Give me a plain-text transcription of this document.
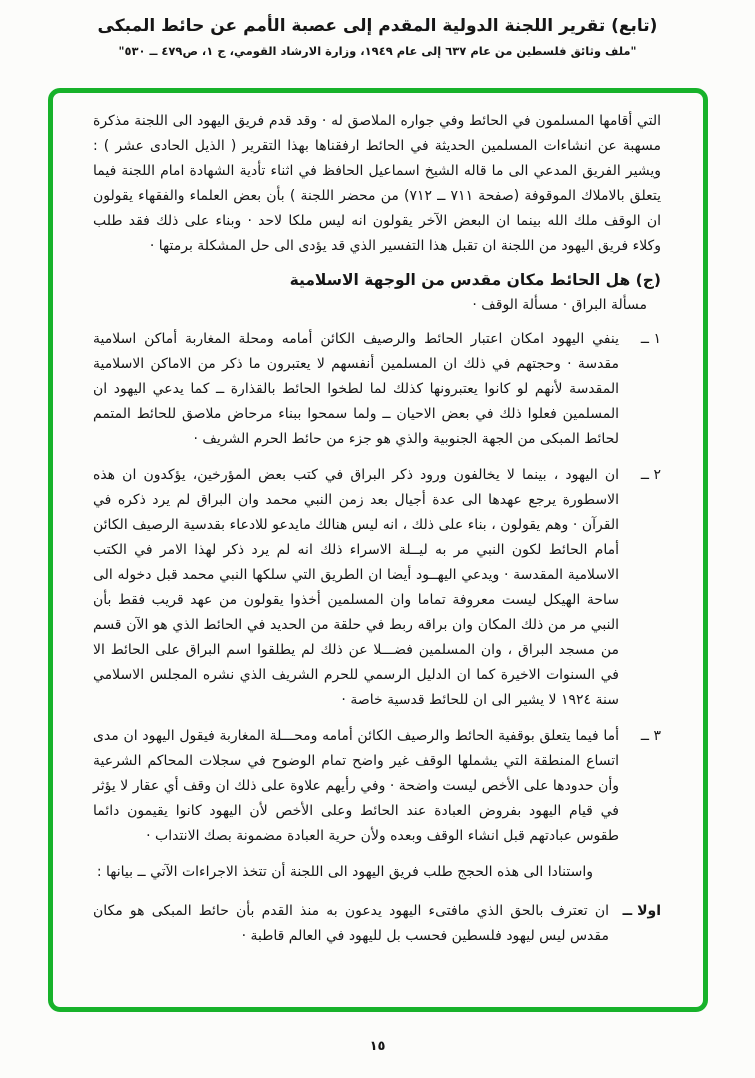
(تابع) تقرير اللجنة الدولية المقدم إلى عصبة الأمم عن حائط المبكى
"ملف وثائق فلسطين من عام ٦٣٧ إلى عام ١٩٤٩، وزارة الارشاد القومي، ج ١، ص٤٧٩ ــ ٥٣٠"

التي أقامها المسلمون في الحائط وفي جواره الملاصق له · وقد قدم فريق اليهود الى اللجنة مذكرة مسهبة عن انشاءات المسلمين الحديثة في الحائط ارفقناها بهذا التقرير ( الذيل الحادى عشر ) : ويشير الفريق المدعي الى ما قاله الشيخ اسماعيل الحافظ في اثناء تأدية الشهادة امام اللجنة فيما يتعلق بالاملاك الموقوفة (صفحة ٧١١ ــ ٧١٢) من محضر اللجنة ) بأن بعض العلماء والفقهاء يقولون ان الوقف ملك الله بينما ان البعض الآخر يقولون انه ليس ملكا لاحد · وبناء على ذلك فقد طلب وكلاء فريق اليهود من اللجنة ان تقبل هذا التفسير الذي قد يؤدى الى حل المشكلة برمتها ·

(ج) هل الحائط مكان مقدس من الوجهة الاسلامية
مسألة البراق · مسألة الوقف ·
١ ــ

ينفي اليهود امكان اعتبار الحائط والرصيف الكائن أمامه ومحلة المغاربة أماكن اسلامية مقدسة · وحجتهم في ذلك ان المسلمين أنفسهم لا يعتبرون ما ذكر من الاماكن الاسلامية المقدسة لأنهم لو كانوا يعتبرونها كذلك لما لطخوا الحائط بالقذارة ــ كما يدعي اليهود ان المسلمين فعلوا ذلك في بعض الاحيان ــ ولما سمحوا ببناء مرحاض ملاصق للحائط المتمم لحائط المبكى من الجهة الجنوبية والذي هو جزء من حائط الحرم الشريف ·

٢ ــ

ان اليهود ، بينما لا يخالفون ورود ذكر البراق في كتب بعض المؤرخين، يؤكدون ان هذه الاسطورة يرجع عهدها الى عدة أجيال بعد زمن النبي محمد وان البراق لم يرد ذكره في القرآن · وهم يقولون ، بناء على ذلك ، انه ليس هنالك مايدعو للادعاء بقدسية الرصيف الكائن أمام الحائط لكون النبي مر به ليــلة الاسراء ذلك انه لم يرد ذكر لهذا الامر في الكتب الاسلامية المقدسة · ويدعي اليهــود أيضا ان الطريق التي سلكها النبي محمد قبل دخوله الى ساحة الهيكل ليست معروفة تماما وان المسلمين أخذوا يقولون من عهد قريب فقط بأن النبي مر من ذلك المكان وان براقه ربط في حلقة من الحديد في الحائط الذي هو الآن قسم من مسجد البراق ، وان المسلمين فضـــلا عن ذلك لم يطلقوا اسم البراق على الحائط الا في السنوات الاخيرة كما ان الدليل الرسمي للحرم الشريف الذي نشره المجلس الاسلامي سنة ١٩٢٤ لا يشير الى ان للحائط قدسية خاصة ·

٣ ــ

أما فيما يتعلق بوقفية الحائط والرصيف الكائن أمامه ومحـــلة المغاربة فيقول اليهود ان مدى اتساع المنطقة التي يشملها الوقف غير واضح تمام الوضوح في سجلات المحاكم الشرعية وأن حدودها على الأخص ليست واضحة · وفي رأيهم علاوة على ذلك ان وقف أي عقار لا يؤثر في قيام اليهود بفروض العبادة عند الحائط وعلى الأخص لأن اليهود كانوا يقيمون دائما طقوس عبادتهم قبل انشاء الوقف وبعده ولأن حرية العبادة مضمونة بصك الانتداب ·

واستنادا الى هذه الحجج طلب فريق اليهود الى اللجنة أن تتخذ الاجراءات الآتي ــ بيانها :

اولا ــ

ان تعترف بالحق الذي مافتىء اليهود يدعون به منذ القدم بأن حائط المبكى هو مكان مقدس ليس ليهود فلسطين فحسب بل لليهود في العالم قاطبة ·

١٥
